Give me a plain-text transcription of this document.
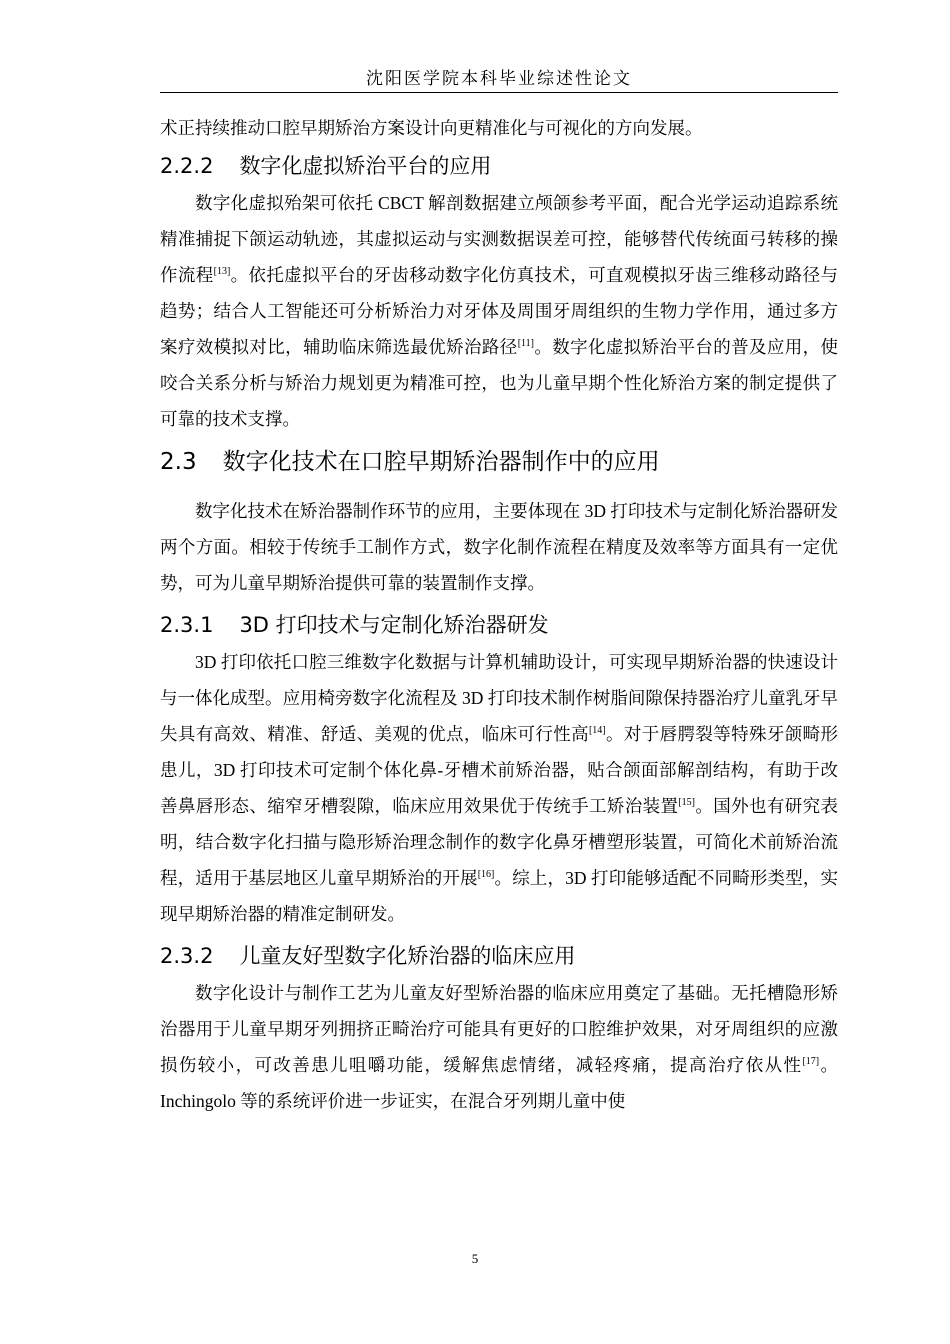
沈阳医学院本科毕业综述性论文

术正持续推动口腔早期矫治方案设计向更精准化与可视化的方向发展。

2.2.2 数字化虚拟矫治平台的应用

数字化虚拟殆架可依托 CBCT 解剖数据建立颅颌参考平面，配合光学运动追踪系统精准捕捉下颌运动轨迹，其虚拟运动与实测数据误差可控，能够替代传统面弓转移的操作流程[13]。依托虚拟平台的牙齿移动数字化仿真技术，可直观模拟牙齿三维移动路径与趋势；结合人工智能还可分析矫治力对牙体及周围牙周组织的生物力学作用，通过多方案疗效模拟对比，辅助临床筛选最优矫治路径[11]。数字化虚拟矫治平台的普及应用，使咬合关系分析与矫治力规划更为精准可控，也为儿童早期个性化矫治方案的制定提供了可靠的技术支撑。

2.3 数字化技术在口腔早期矫治器制作中的应用

数字化技术在矫治器制作环节的应用，主要体现在 3D 打印技术与定制化矫治器研发两个方面。相较于传统手工制作方式，数字化制作流程在精度及效率等方面具有一定优势，可为儿童早期矫治提供可靠的装置制作支撑。

2.3.1 3D 打印技术与定制化矫治器研发

3D 打印依托口腔三维数字化数据与计算机辅助设计，可实现早期矫治器的快速设计与一体化成型。应用椅旁数字化流程及 3D 打印技术制作树脂间隙保持器治疗儿童乳牙早失具有高效、精准、舒适、美观的优点，临床可行性高[14]。对于唇腭裂等特殊牙颌畸形患儿，3D 打印技术可定制个体化鼻-牙槽术前矫治器，贴合颌面部解剖结构，有助于改善鼻唇形态、缩窄牙槽裂隙，临床应用效果优于传统手工矫治装置[15]。国外也有研究表明，结合数字化扫描与隐形矫治理念制作的数字化鼻牙槽塑形装置，可简化术前矫治流程，适用于基层地区儿童早期矫治的开展[16]。综上，3D 打印能够适配不同畸形类型，实现早期矫治器的精准定制研发。

2.3.2 儿童友好型数字化矫治器的临床应用

数字化设计与制作工艺为儿童友好型矫治器的临床应用奠定了基础。无托槽隐形矫治器用于儿童早期牙列拥挤正畸治疗可能具有更好的口腔维护效果，对牙周组织的应激损伤较小，可改善患儿咀嚼功能，缓解焦虑情绪，减轻疼痛，提高治疗依从性[17]。Inchingolo 等的系统评价进一步证实，在混合牙列期儿童中使

5
